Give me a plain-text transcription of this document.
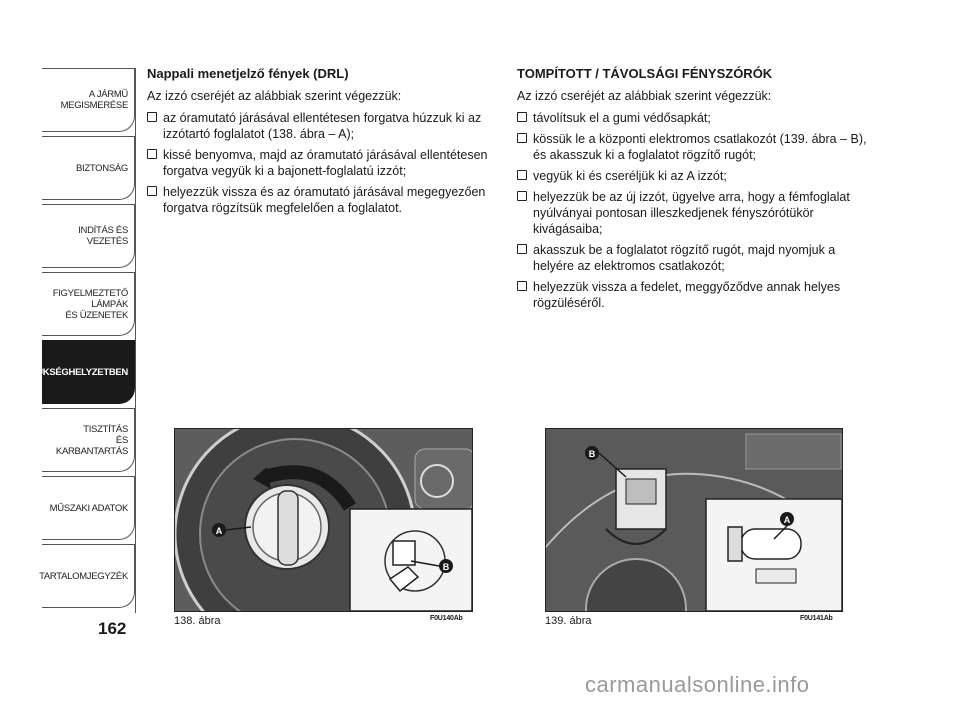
A JÁRMŰ
MEGISMERÉSE
BIZTONSÁG
INDÍTÁS ÉS VEZETÉS
FIGYELMEZTETŐ
LÁMPÁK
ÉS ÜZENETEK
SZÜKSÉGHELYZETBEN
TISZTÍTÁS
ÉS KARBANTARTÁS
MŰSZAKI ADATOK
TARTALOMJEGYZÉK
162
Nappali menetjelző fények (DRL)
Az izzó cseréjét az alábbiak szerint végezzük:
az óramutató járásával ellentétesen forgatva húzzuk ki az izzótartó foglalatot (138. ábra – A);
kissé benyomva, majd az óramutató járásával ellentétesen forgatva vegyük ki a bajonett-foglalatú izzót;
helyezzük vissza és az óramutató járásával megegyezően forgatva rögzítsük megfelelően a foglalatot.
TOMPÍTOTT / TÁVOLSÁGI FÉNYSZÓRÓK
Az izzó cseréjét az alábbiak szerint végezzük:
távolítsuk el a gumi védősapkát;
kössük le a központi elektromos csatlakozót (139. ábra – B), és akasszuk ki a foglalatot rögzítő rugót;
vegyük ki és cseréljük ki az A izzót;
helyezzük be az új izzót, ügyelve arra, hogy a fémfoglalat nyúlványai pontosan illeszkedjenek fényszórótükör kivágásaiba;
akasszuk be a foglalatot rögzítő rugót, majd nyomjuk a helyére az elektromos csatlakozót;
helyezzük vissza a fedelet, meggyőződve annak helyes rögzüléséről.
A
B
138. ábra	F0U140Ab
B
A
139. ábra	F0U141Ab
carmanualsonline.info
